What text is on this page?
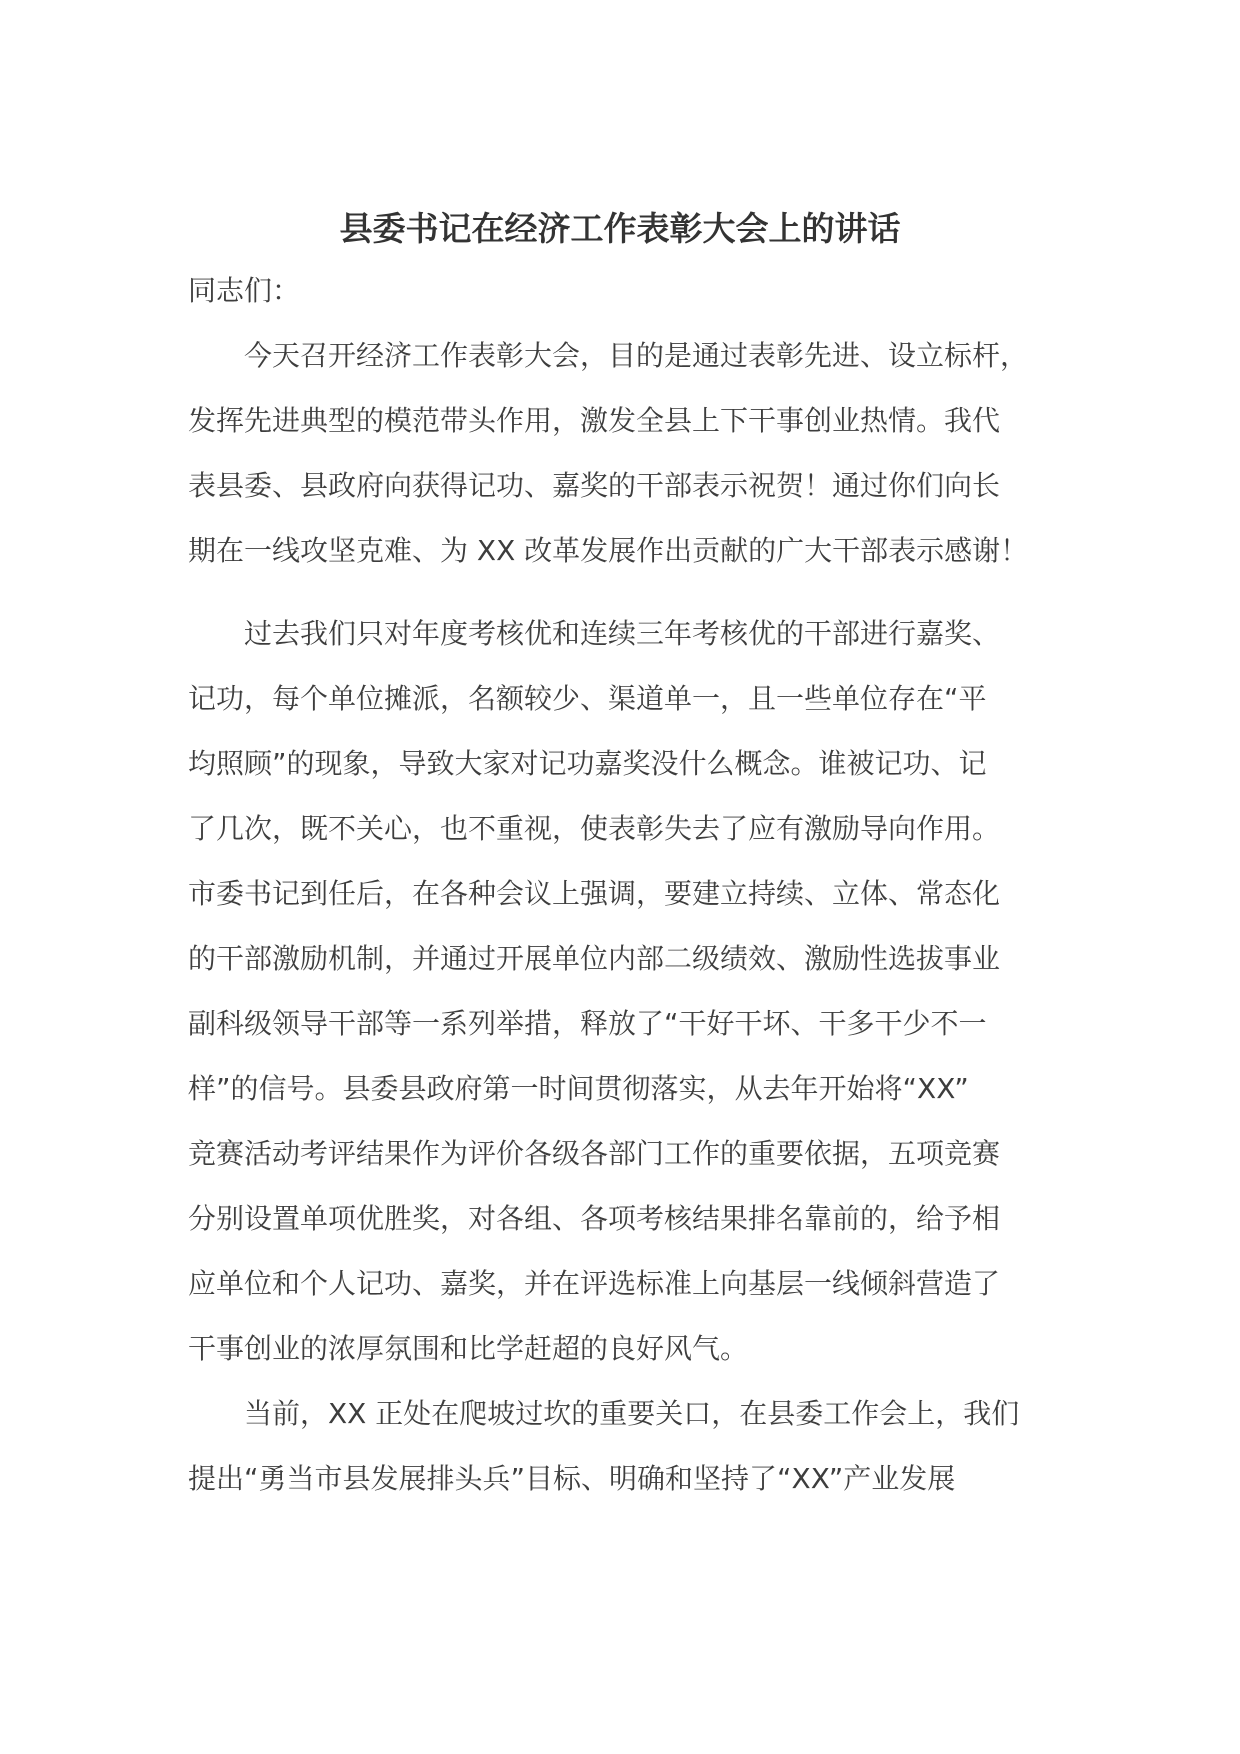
县委书记在经济工作表彰大会上的讲话

同志们：

今天召开经济工作表彰大会，目的是通过表彰先进、设立标杆，
发挥先进典型的模范带头作用，激发全县上下干事创业热情。我代
表县委、县政府向获得记功、嘉奖的干部表示祝贺！通过你们向长
期在一线攻坚克难、为 XX 改革发展作出贡献的广大干部表示感谢！

过去我们只对年度考核优和连续三年考核优的干部进行嘉奖、
记功，每个单位摊派，名额较少、渠道单一，且一些单位存在“平
均照顾”的现象，导致大家对记功嘉奖没什么概念。谁被记功、记
了几次，既不关心，也不重视，使表彰失去了应有激励导向作用。
市委书记到任后，在各种会议上强调，要建立持续、立体、常态化
的干部激励机制，并通过开展单位内部二级绩效、激励性选拔事业
副科级领导干部等一系列举措，释放了“干好干坏、干多干少不一
样”的信号。县委县政府第一时间贯彻落实，从去年开始将“XX”
竞赛活动考评结果作为评价各级各部门工作的重要依据，五项竞赛
分别设置单项优胜奖，对各组、各项考核结果排名靠前的，给予相
应单位和个人记功、嘉奖，并在评选标准上向基层一线倾斜营造了
干事创业的浓厚氛围和比学赶超的良好风气。

当前，XX 正处在爬坡过坎的重要关口，在县委工作会上，我们
提出“勇当市县发展排头兵”目标、明确和坚持了“XX”产业发展
